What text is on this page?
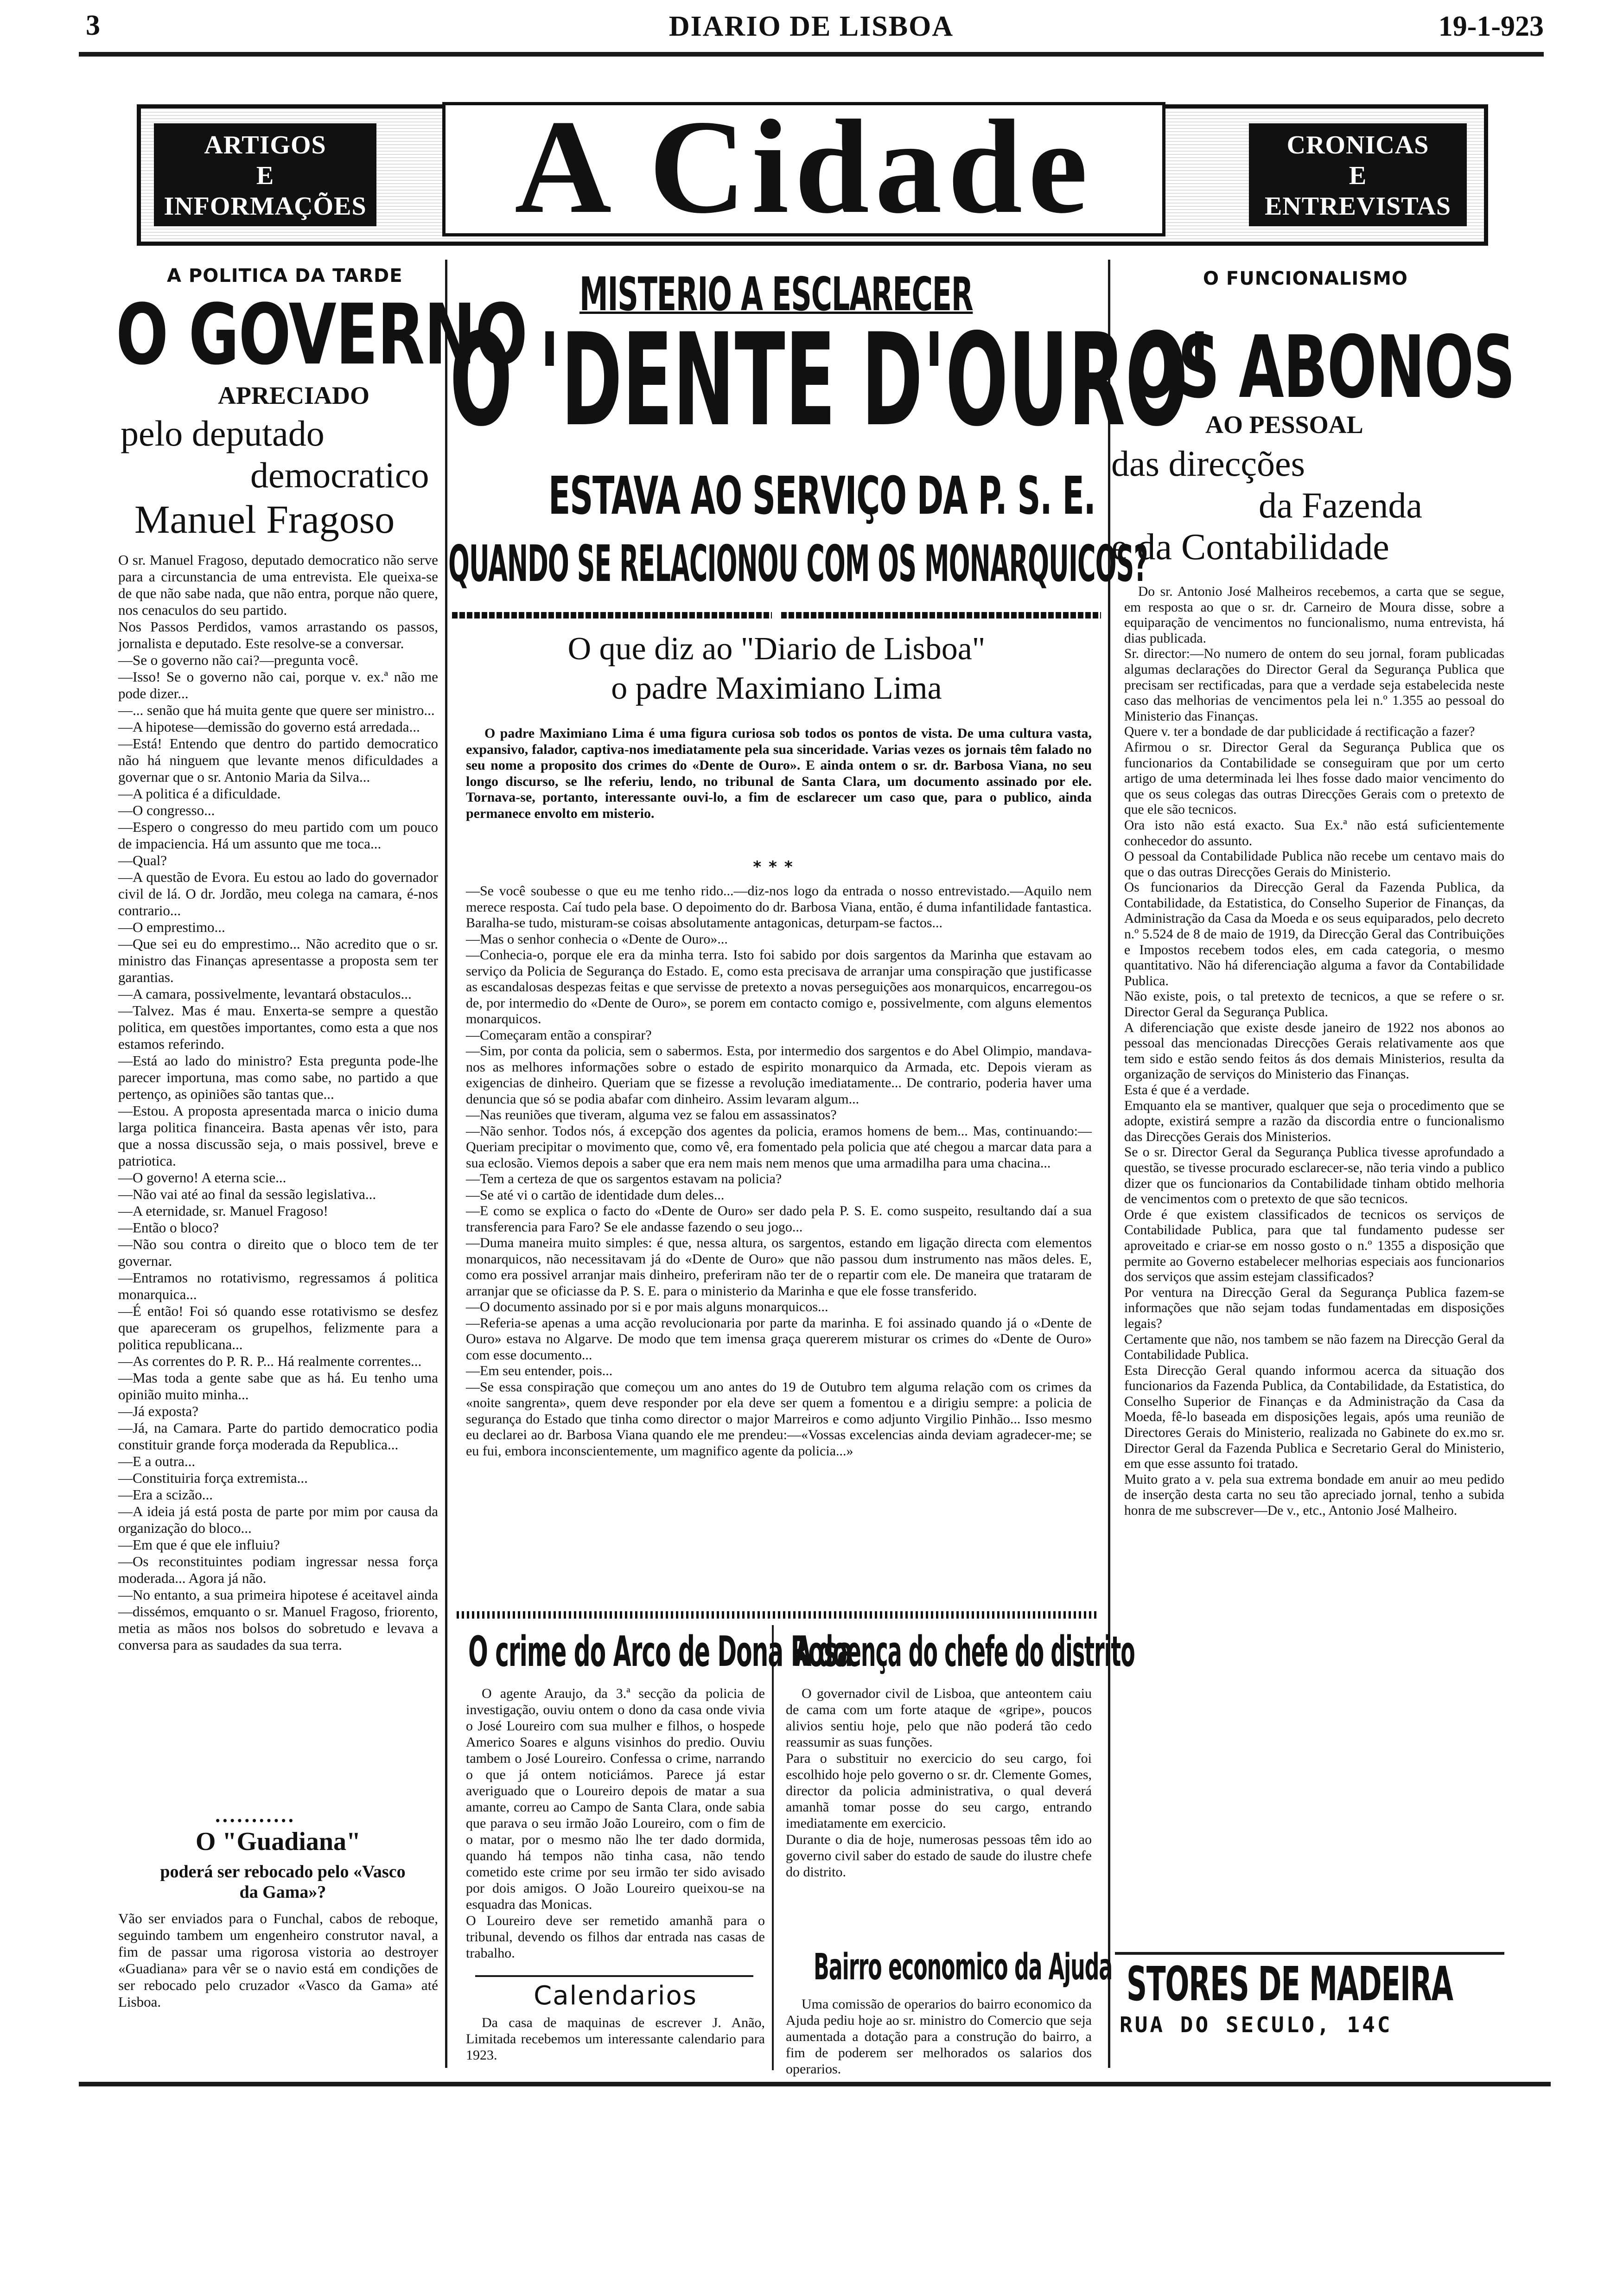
3	DIARIO DE LISBOA	19-1-923
ARTIGOS
E
INFORMAÇÕES	A Cidade	CRONICAS
E
ENTREVISTAS
A POLITICA DA TARDE
O GOVERNO
APRECIADO
pelo deputado
democratico
Manuel Fragoso
O sr. Manuel Fragoso, deputado democratico não serve para a circunstancia de uma entrevista. Ele queixa-se de que não sabe nada, que não entra, porque não quere, nos cenaculos do seu partido.
Nos Passos Perdidos, vamos arrastando os passos, jornalista e deputado. Este resolve-se a conversar.
—Se o governo não cai?—pregunta você.
—Isso! Se o governo não cai, porque v. ex.ª não me pode dizer...
—... senão que há muita gente que quere ser ministro...
—A hipotese—demissão do governo está arredada...
—Está! Entendo que dentro do partido democratico não há ninguem que levante menos dificuldades a governar que o sr. Antonio Maria da Silva...
—A politica é a dificuldade.
—O congresso...
—Espero o congresso do meu partido com um pouco de impaciencia. Há um assunto que me toca...
—Qual?
—A questão de Evora. Eu estou ao lado do governador civil de lá. O dr. Jordão, meu colega na camara, é-nos contrario...
—O emprestimo...
—Que sei eu do emprestimo... Não acredito que o sr. ministro das Finanças apresentasse a proposta sem ter garantias.
—A camara, possivelmente, levantará obstaculos...
—Talvez. Mas é mau. Enxerta-se sempre a questão politica, em questões importantes, como esta a que nos estamos referindo.
—Está ao lado do ministro? Esta pregunta pode-lhe parecer importuna, mas como sabe, no partido a que pertenço, as opiniões são tantas que...
—Estou. A proposta apresentada marca o inicio duma larga politica financeira. Basta apenas vêr isto, para que a nossa discussão seja, o mais possivel, breve e patriotica.
—O governo! A eterna scie...
—Não vai até ao final da sessão legislativa...
—A eternidade, sr. Manuel Fragoso!
—Então o bloco?
—Não sou contra o direito que o bloco tem de ter governar.
—Entramos no rotativismo, regressamos á politica monarquica...
—É então! Foi só quando esse rotativismo se desfez que apareceram os grupelhos, felizmente para a politica republicana...
—As correntes do P. R. P... Há realmente correntes...
—Mas toda a gente sabe que as há. Eu tenho uma opinião muito minha...
—Já exposta?
—Já, na Camara. Parte do partido democratico podia constituir grande força moderada da Republica...
—E a outra...
—Constituiria força extremista...
—Era a scizão...
—A ideia já está posta de parte por mim por causa da organização do bloco...
—Em que é que ele influiu?
—Os reconstituintes podiam ingressar nessa força moderada... Agora já não.
—No entanto, a sua primeira hipotese é aceitavel ainda—dissémos, emquanto o sr. Manuel Fragoso, friorento, metia as mãos nos bolsos do sobretudo e levava a conversa para as saudades da sua terra.
•••••••••••
O "Guadiana"
poderá ser rebocado pelo «Vasco da Gama»?
Vão ser enviados para o Funchal, cabos de reboque, seguindo tambem um engenheiro construtor naval, a fim de passar uma rigorosa vistoria ao destroyer «Guadiana» para vêr se o navio está em condições de ser rebocado pelo cruzador «Vasco da Gama» até Lisboa.
MISTERIO A ESCLARECER
O 'DENTE D'OURO'
ESTAVA AO SERVIÇO DA P. S. E.
QUANDO SE RELACIONOU COM OS MONARQUICOS?
O que diz ao "Diario de Lisboa"
o padre Maximiano Lima
O padre Maximiano Lima é uma figura curiosa sob todos os pontos de vista. De uma cultura vasta, expansivo, falador, captiva-nos imediatamente pela sua sinceridade. Varias vezes os jornais têm falado no seu nome a proposito dos crimes do «Dente de Ouro». E ainda ontem o sr. dr. Barbosa Viana, no seu longo discurso, se lhe referiu, lendo, no tribunal de Santa Clara, um documento assinado por ele. Tornava-se, portanto, interessante ouvi-lo, a fim de esclarecer um caso que, para o publico, ainda permanece envolto em misterio.
***
—Se você soubesse o que eu me tenho rido...—diz-nos logo da entrada o nosso entrevistado.—Aquilo nem merece resposta. Caí tudo pela base. O depoimento do dr. Barbosa Viana, então, é duma infantilidade fantastica. Baralha-se tudo, misturam-se coisas absolutamente antagonicas, deturpam-se factos...
—Mas o senhor conhecia o «Dente de Ouro»...
—Conhecia-o, porque ele era da minha terra. Isto foi sabido por dois sargentos da Marinha que estavam ao serviço da Policia de Segurança do Estado. E, como esta precisava de arranjar uma conspiração que justificasse as escandalosas despezas feitas e que servisse de pretexto a novas perseguições aos monarquicos, encarregou-os de, por intermedio do «Dente de Ouro», se porem em contacto comigo e, possivelmente, com alguns elementos monarquicos.
—Começaram então a conspirar?
—Sim, por conta da policia, sem o sabermos. Esta, por intermedio dos sargentos e do Abel Olimpio, mandava-nos as melhores informações sobre o estado de espirito monarquico da Armada, etc. Depois vieram as exigencias de dinheiro. Queriam que se fizesse a revolução imediatamente... De contrario, poderia haver uma denuncia que só se podia abafar com dinheiro. Assim levaram algum...
—Nas reuniões que tiveram, alguma vez se falou em assassinatos?
—Não senhor. Todos nós, á excepção dos agentes da policia, eramos homens de bem... Mas, continuando:—Queriam precipitar o movimento que, como vê, era fomentado pela policia que até chegou a marcar data para a sua eclosão. Viemos depois a saber que era nem mais nem menos que uma armadilha para uma chacina...
—Tem a certeza de que os sargentos estavam na policia?
—Se até vi o cartão de identidade dum deles...
—E como se explica o facto do «Dente de Ouro» ser dado pela P. S. E. como suspeito, resultando daí a sua transferencia para Faro? Se ele andasse fazendo o seu jogo...
—Duma maneira muito simples: é que, nessa altura, os sargentos, estando em ligação directa com elementos monarquicos, não necessitavam já do «Dente de Ouro» que não passou dum instrumento nas mãos deles. E, como era possivel arranjar mais dinheiro, preferiram não ter de o repartir com ele. De maneira que trataram de arranjar que se oficiasse da P. S. E. para o ministerio da Marinha e que ele fosse transferido.
—O documento assinado por si e por mais alguns monarquicos...
—Referia-se apenas a uma acção revolucionaria por parte da marinha. E foi assinado quando já o «Dente de Ouro» estava no Algarve. De modo que tem imensa graça quererem misturar os crimes do «Dente de Ouro» com esse documento...
—Em seu entender, pois...
—Se essa conspiração que começou um ano antes do 19 de Outubro tem alguma relação com os crimes da «noite sangrenta», quem deve responder por ela deve ser quem a fomentou e a dirigiu sempre: a policia de segurança do Estado que tinha como director o major Marreiros e como adjunto Virgilio Pinhão... Isso mesmo eu declarei ao dr. Barbosa Viana quando ele me prendeu:—«Vossas excelencias ainda deviam agradecer-me; se eu fui, embora inconscientemente, um magnifico agente da policia...»
O crime do Arco de Dona Rosa
O agente Araujo, da 3.ª secção da policia de investigação, ouviu ontem o dono da casa onde vivia o José Loureiro com sua mulher e filhos, o hospede Americo Soares e alguns visinhos do predio. Ouviu tambem o José Loureiro. Confessa o crime, narrando o que já ontem noticiámos. Parece já estar averiguado que o Loureiro depois de matar a sua amante, correu ao Campo de Santa Clara, onde sabia que parava o seu irmão João Loureiro, com o fim de o matar, por o mesmo não lhe ter dado dormida, quando há tempos não tinha casa, não tendo cometido este crime por seu irmão ter sido avisado por dois amigos. O João Loureiro queixou-se na esquadra das Monicas.
O Loureiro deve ser remetido amanhã para o tribunal, devendo os filhos dar entrada nas casas de trabalho.
Calendarios
Da casa de maquinas de escrever J. Anão, Limitada recebemos um interessante calendario para 1923.
A doença do chefe do distrito
O governador civil de Lisboa, que anteontem caiu de cama com um forte ataque de «gripe», poucos alivios sentiu hoje, pelo que não poderá tão cedo reassumir as suas funções.
Para o substituir no exercicio do seu cargo, foi escolhido hoje pelo governo o sr. dr. Clemente Gomes, director da policia administrativa, o qual deverá amanhã tomar posse do seu cargo, entrando imediatamente em exercicio.
Durante o dia de hoje, numerosas pessoas têm ido ao governo civil saber do estado de saude do ilustre chefe do distrito.
Bairro economico da Ajuda
Uma comissão de operarios do bairro economico da Ajuda pediu hoje ao sr. ministro do Comercio que seja aumentada a dotação para a construção do bairro, a fim de poderem ser melhorados os salarios dos operarios.
O FUNCIONALISMO
OS ABONOS
AO PESSOAL
das direcções
da Fazenda
e da Contabilidade
Do sr. Antonio José Malheiros recebemos, a carta que se segue, em resposta ao que o sr. dr. Carneiro de Moura disse, sobre a equiparação de vencimentos no funcionalismo, numa entrevista, há dias publicada.
Sr. director:—No numero de ontem do seu jornal, foram publicadas algumas declarações do Director Geral da Segurança Publica que precisam ser rectificadas, para que a verdade seja estabelecida neste caso das melhorias de vencimentos pela lei n.º 1.355 ao pessoal do Ministerio das Finanças.
Quere v. ter a bondade de dar publicidade á rectificação a fazer?
Afirmou o sr. Director Geral da Segurança Publica que os funcionarios da Contabilidade se conseguiram que por um certo artigo de uma determinada lei lhes fosse dado maior vencimento do que os seus colegas das outras Direcções Gerais com o pretexto de que ele são tecnicos.
Ora isto não está exacto. Sua Ex.ª não está suficientemente conhecedor do assunto.
O pessoal da Contabilidade Publica não recebe um centavo mais do que o das outras Direcções Gerais do Ministerio.
Os funcionarios da Direcção Geral da Fazenda Publica, da Contabilidade, da Estatistica, do Conselho Superior de Finanças, da Administração da Casa da Moeda e os seus equiparados, pelo decreto n.º 5.524 de 8 de maio de 1919, da Direcção Geral das Contribuições e Impostos recebem todos eles, em cada categoria, o mesmo quantitativo. Não há diferenciação alguma a favor da Contabilidade Publica.
Não existe, pois, o tal pretexto de tecnicos, a que se refere o sr. Director Geral da Segurança Publica.
A diferenciação que existe desde janeiro de 1922 nos abonos ao pessoal das mencionadas Direcções Gerais relativamente aos que tem sido e estão sendo feitos ás dos demais Ministerios, resulta da organização de serviços do Ministerio das Finanças.
Esta é que é a verdade.
Emquanto ela se mantiver, qualquer que seja o procedimento que se adopte, existirá sempre a razão da discordia entre o funcionalismo das Direcções Gerais dos Ministerios.
Se o sr. Director Geral da Segurança Publica tivesse aprofundado a questão, se tivesse procurado esclarecer-se, não teria vindo a publico dizer que os funcionarios da Contabilidade tinham obtido melhoria de vencimentos com o pretexto de que são tecnicos.
Orde é que existem classificados de tecnicos os serviços de Contabilidade Publica, para que tal fundamento pudesse ser aproveitado e criar-se em nosso gosto o n.º 1355 a disposição que permite ao Governo estabelecer melhorias especiais aos funcionarios dos serviços que assim estejam classificados?
Por ventura na Direcção Geral da Segurança Publica fazem-se informações que não sejam todas fundamentadas em disposições legais?
Certamente que não, nos tambem se não fazem na Direcção Geral da Contabilidade Publica.
Esta Direcção Geral quando informou acerca da situação dos funcionarios da Fazenda Publica, da Contabilidade, da Estatistica, do Conselho Superior de Finanças e da Administração da Casa da Moeda, fê-lo baseada em disposições legais, após uma reunião de Directores Gerais do Ministerio, realizada no Gabinete do ex.mo sr. Director Geral da Fazenda Publica e Secretario Geral do Ministerio, em que esse assunto foi tratado.
Muito grato a v. pela sua extrema bondade em anuir ao meu pedido de inserção desta carta no seu tão apreciado jornal, tenho a subida honra de me subscrever—De v., etc., Antonio José Malheiro.
STORES DE MADEIRA
RUA DO SECULO, 14C
